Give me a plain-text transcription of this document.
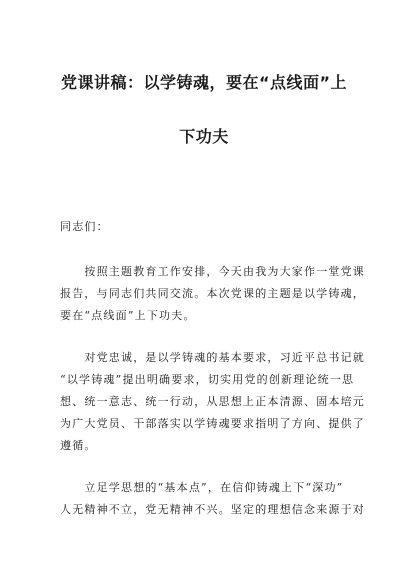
党课讲稿：以学铸魂，要在“点线面”上
下功夫

同志们：

　　按照主题教育工作安排，今天由我为大家作一堂党课

报告，与同志们共同交流。本次党课的主题是以学铸魂，

要在“点线面”上下功夫。

　　对党忠诚，是以学铸魂的基本要求，习近平总书记就

“以学铸魂”提出明确要求，切实用党的创新理论统一思

想、统一意志、统一行动，从思想上正本清源、固本培元

为广大党员、干部落实以学铸魂要求指明了方向、提供了

遵循。

　　立足学思想的“基本点”，在信仰铸魂上下“深功”

人无精神不立，党无精神不兴。坚定的理想信念来源于对
